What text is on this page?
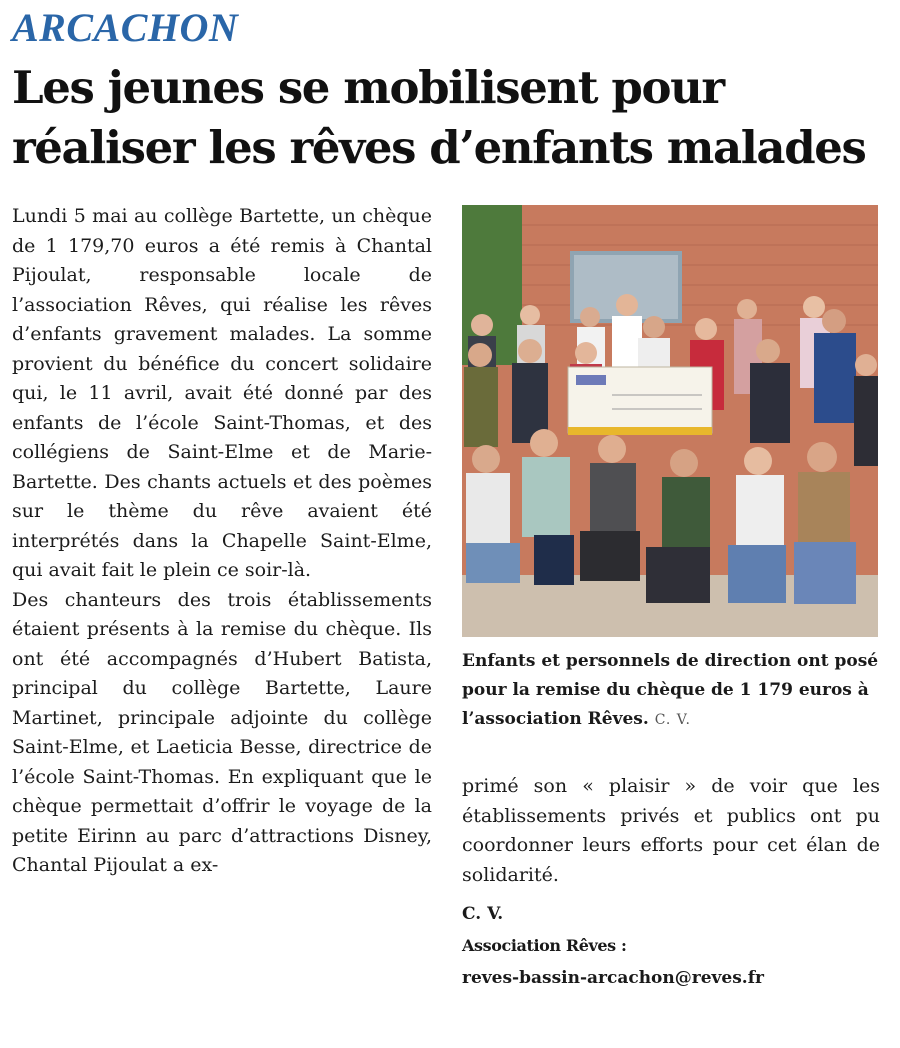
ARCACHON
Les jeunes se mobilisent pour réaliser les rêves d’enfants malades

Lundi 5 mai au collège Bartette, un chèque de 1 179,70 euros a été remis à Chantal Pijoulat, responsable locale de l’association Rêves, qui réalise les rêves d’enfants gravement malades. La somme provient du bénéfice du concert solidaire qui, le 11 avril, avait été donné par des enfants de l’école Saint-Thomas, et des collégiens de Saint-Elme et de Marie-Bartette. Des chants actuels et des poèmes sur le thème du rêve avaient été interprétés dans la Chapelle Saint-Elme, qui avait fait le plein ce soir-là.

Des chanteurs des trois établissements étaient présents à la remise du chèque. Ils ont été accompagnés d’Hubert Batista, principal du collège Bartette, Laure Martinet, principale adjointe du collège Saint-Elme, et Laeticia Besse, directrice de l’école Saint-Thomas. En expliquant que le chèque permettait d’offrir le voyage de la petite Eirinn au parc d’attractions Disney, Chantal Pijoulat a ex-

Enfants et personnels de direction ont posé pour la remise du chèque de 1 179 euros à l’association Rêves. C. V.

primé son « plaisir » de voir que les établissements privés et publics ont pu coordonner leurs efforts pour cet élan de solidarité.

C. V.

Association Rêves :

reves-bassin-arcachon@reves.fr
